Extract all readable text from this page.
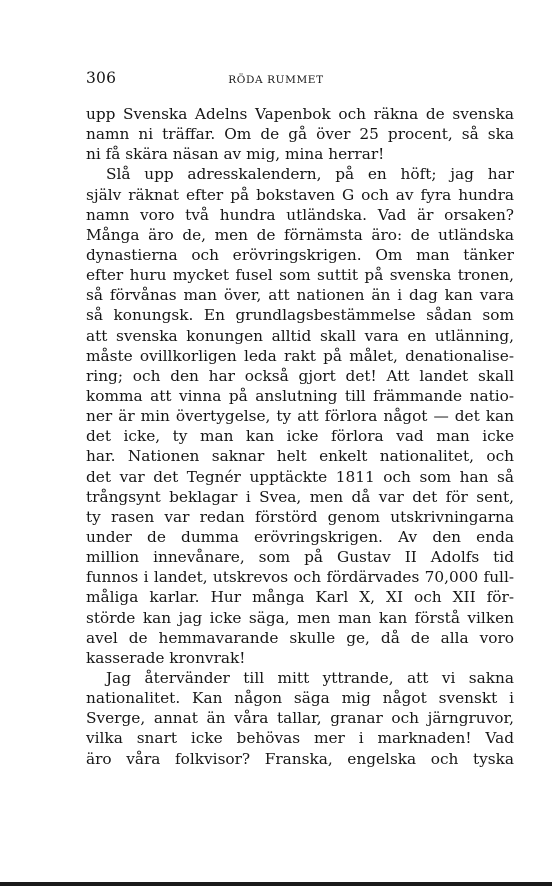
306	RÖDA RUMMET
upp Svenska Adelns Vapenbok och räkna de svenska
namn ni träffar. Om de gå över 25 procent, så ska
ni få skära näsan av mig, mina herrar!
Slå upp adresskalendern, på en höft; jag har
själv räknat efter på bokstaven G och av fyra hundra
namn voro två hundra utländska. Vad är orsaken?
Många äro de, men de förnämsta äro: de utländska
dynastierna och erövringskrigen. Om man tänker
efter huru mycket fusel som suttit på svenska tronen,
så förvånas man över, att nationen än i dag kan vara
så konungsk. En grundlagsbestämmelse sådan som
att svenska konungen alltid skall vara en utlänning,
måste ovillkorligen leda rakt på målet, denationalise-
ring; och den har också gjort det! Att landet skall
komma att vinna på anslutning till främmande natio-
ner är min övertygelse, ty att förlora något — det kan
det icke, ty man kan icke förlora vad man icke
har. Nationen saknar helt enkelt nationalitet, och
det var det Tegnér upptäckte 1811 och som han så
trångsynt beklagar i Svea, men då var det för sent,
ty rasen var redan förstörd genom utskrivningarna
under de dumma erövringskrigen. Av den enda
million innevånare, som på Gustav II Adolfs tid
funnos i landet, utskrevos och fördärvades 70,000 full-
måliga karlar. Hur många Karl X, XI och XII för-
störde kan jag icke säga, men man kan förstå vilken
avel de hemmavarande skulle ge, då de alla voro
kasserade kronvrak!
Jag återvänder till mitt yttrande, att vi sakna
nationalitet. Kan någon säga mig något svenskt i
Sverge, annat än våra tallar, granar och järngruvor,
vilka snart icke behövas mer i marknaden! Vad
äro våra folkvisor? Franska, engelska och tyska
